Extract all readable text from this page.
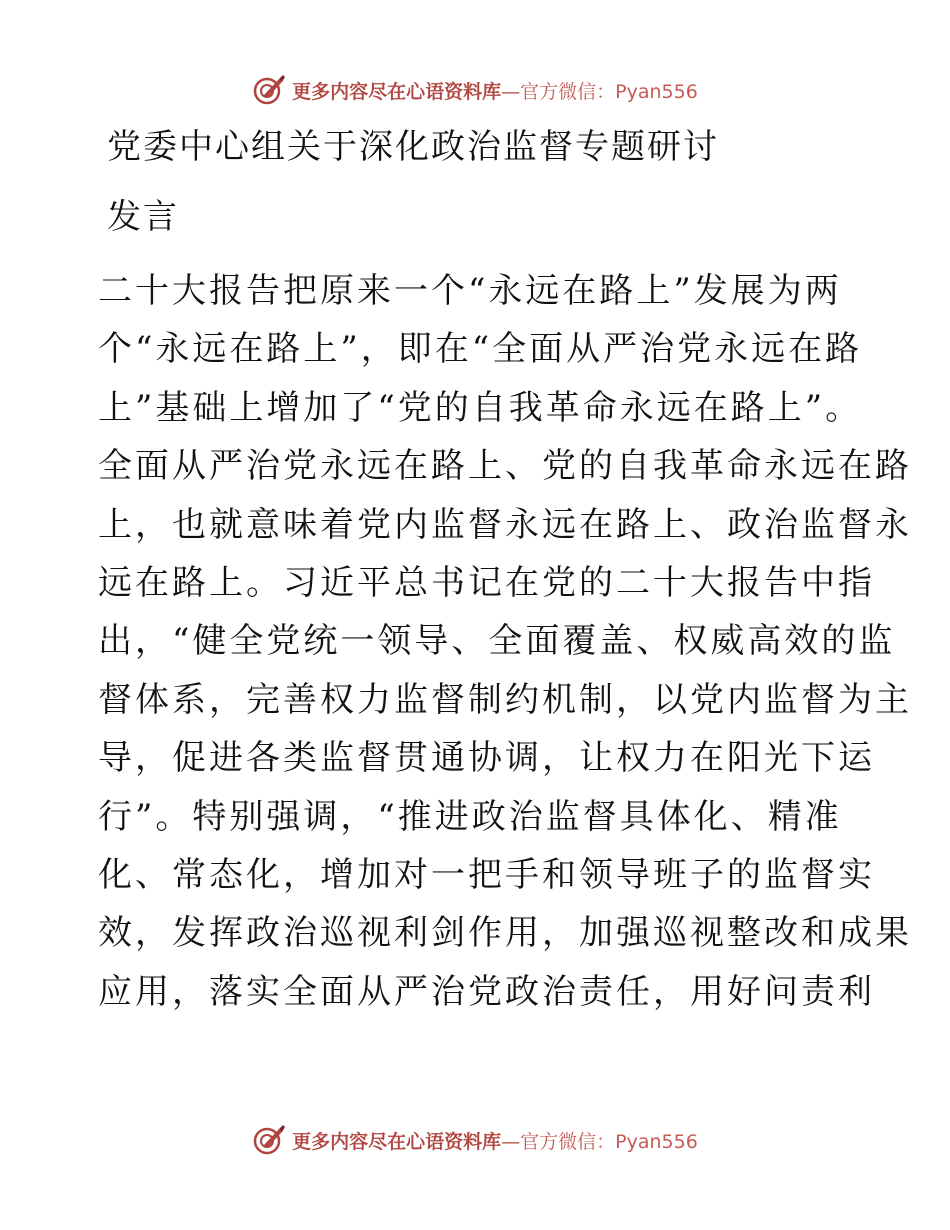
更多内容尽在心语资料库 — 官方微信：Pyan556
党委中心组关于深化政治监督专题研讨
发言
二十大报告把原来一个“永远在路上”发展为两
个“永远在路上”，即在“全面从严治党永远在路
上”基础上增加了“党的自我革命永远在路上”。
全面从严治党永远在路上、党的自我革命永远在路
上，也就意味着党内监督永远在路上、政治监督永
远在路上。习近平总书记在党的二十大报告中指
出，“健全党统一领导、全面覆盖、权威高效的监
督体系，完善权力监督制约机制，以党内监督为主
导，促进各类监督贯通协调，让权力在阳光下运
行”。特别强调，“推进政治监督具体化、精准
化、常态化，增加对一把手和领导班子的监督实
效，发挥政治巡视利剑作用，加强巡视整改和成果
应用，落实全面从严治党政治责任，用好问责利
更多内容尽在心语资料库 — 官方微信：Pyan556
